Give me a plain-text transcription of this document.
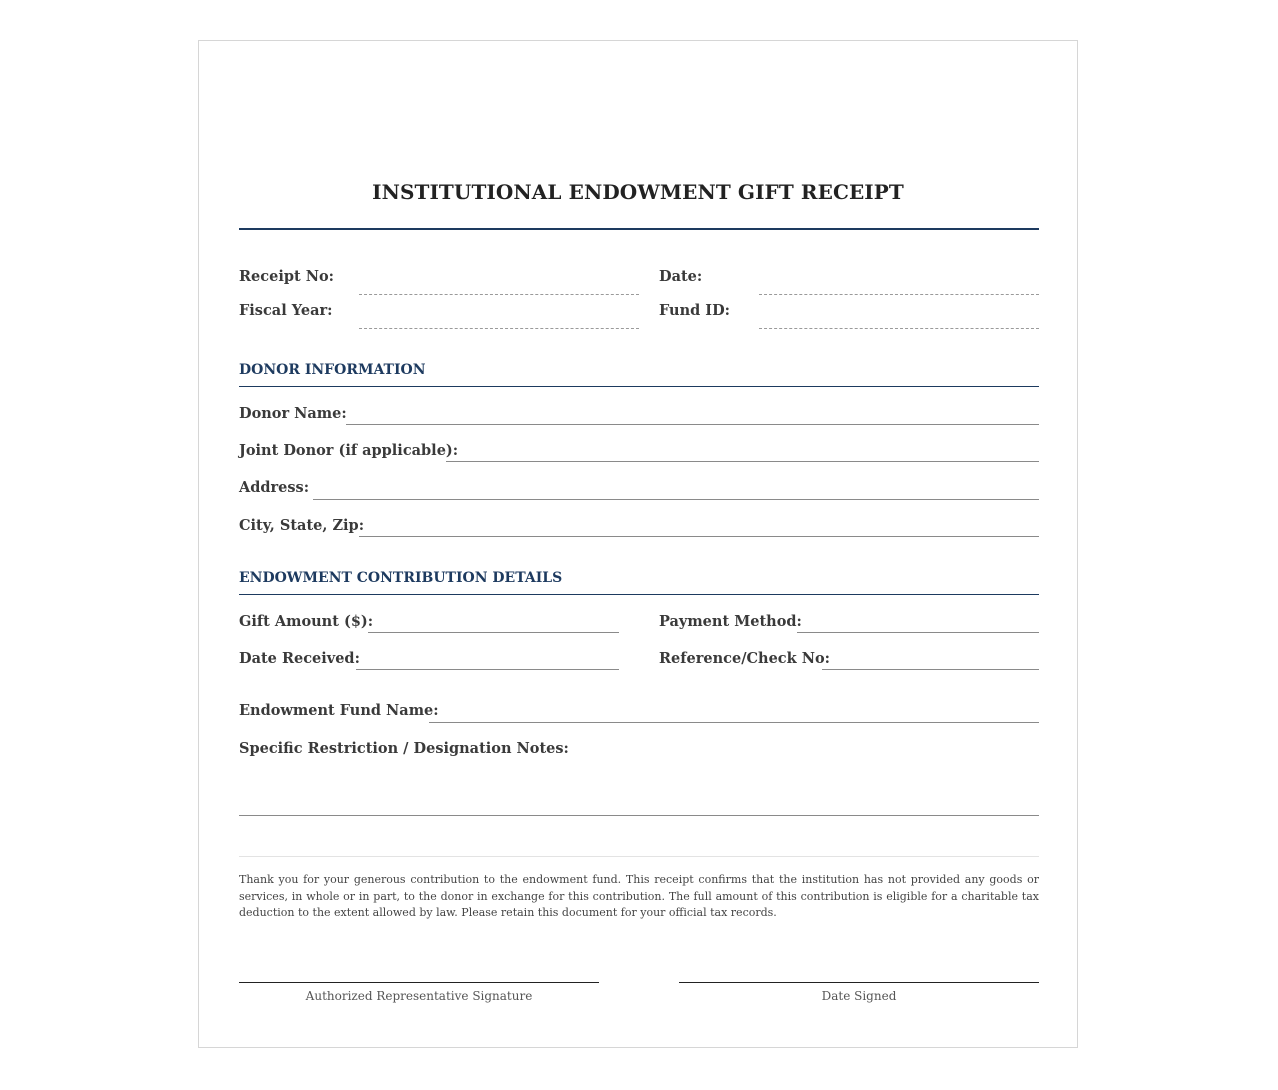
INSTITUTIONAL ENDOWMENT GIFT RECEIPT
Receipt No:	Date:
Fiscal Year:	Fund ID:
DONOR INFORMATION
Donor Name:
Joint Donor (if applicable):
Address:
City, State, Zip:
ENDOWMENT CONTRIBUTION DETAILS
Gift Amount ($):	Payment Method:
Date Received:	Reference/Check No:
Endowment Fund Name:
Specific Restriction / Designation Notes:
Thank you for your generous contribution to the endowment fund. This receipt confirms that the institution has not provided any goods or services, in whole or in part, to the donor in exchange for this contribution. The full amount of this contribution is eligible for a charitable tax deduction to the extent allowed by law. Please retain this document for your official tax records.
Authorized Representative Signature	Date Signed
